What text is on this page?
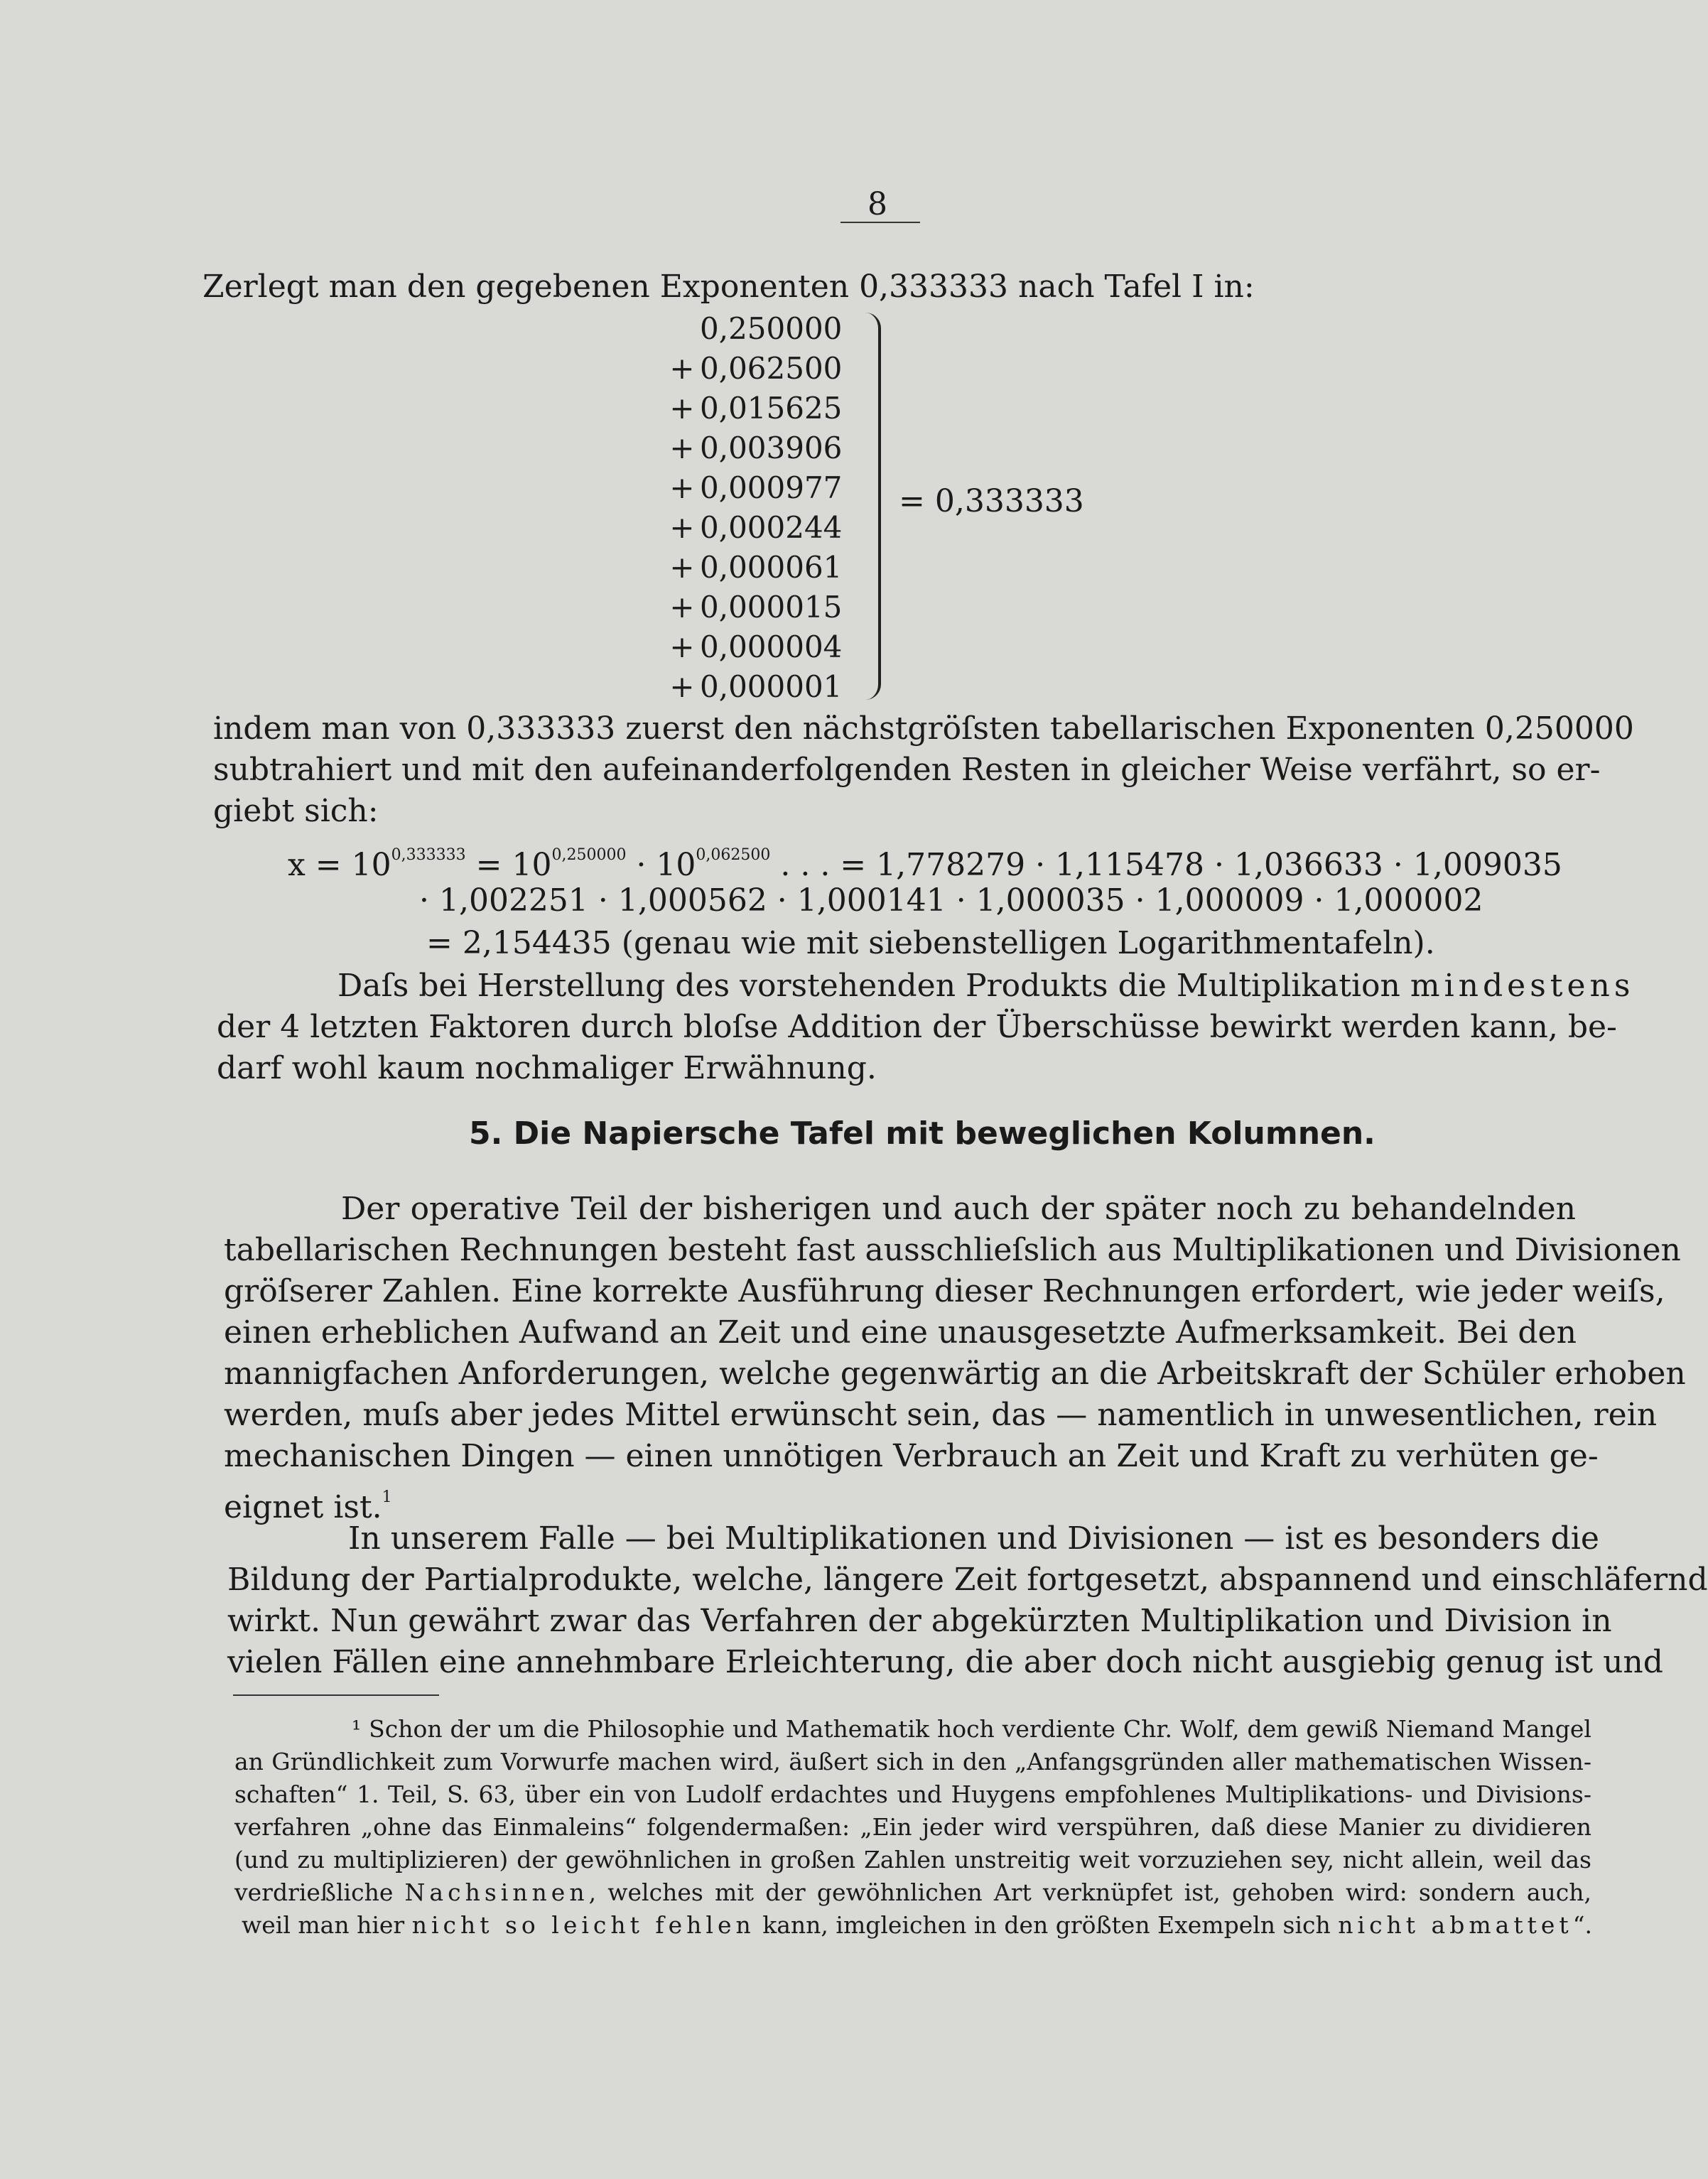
8
Zerlegt man den gegebenen Exponenten 0,333333 nach Tafel I in:
0,250000
+ 0,062500
+ 0,015625
+ 0,003906
+ 0,000977
+ 0,000244
+ 0,000061
+ 0,000015
+ 0,000004
+ 0,000001
= 0,333333
indem man von 0,333333 zuerst den nächstgröſsten tabellarischen Exponenten 0,250000
subtrahiert und mit den aufeinanderfolgenden Resten in gleicher Weise verfährt, so er-
giebt sich:
$x = 10^{0,333333} = 10^{0,250000} \cdot 10^{0,062500}$ . . . = 1,778279 · 1,115478 · 1,036633 · 1,009035
· 1,002251 · 1,000562 · 1,000141 · 1,000035 · 1,000009 · 1,000002
= 2,154435 (genau wie mit siebenstelligen Logarithmentafeln).
Daſs bei Herstellung des vorstehenden Produkts die Multiplikation mindestens
der 4 letzten Faktoren durch bloſse Addition der Überschüsse bewirkt werden kann, be-
darf wohl kaum nochmaliger Erwähnung.
5. Die Napiersche Tafel mit beweglichen Kolumnen.
Der operative Teil der bisherigen und auch der später noch zu behandelnden
tabellarischen Rechnungen besteht fast ausschlieſslich aus Multiplikationen und Divisionen
gröſserer Zahlen. Eine korrekte Ausführung dieser Rechnungen erfordert, wie jeder weiſs,
einen erheblichen Aufwand an Zeit und eine unausgesetzte Aufmerksamkeit. Bei den
mannigfachen Anforderungen, welche gegenwärtig an die Arbeitskraft der Schüler erhoben
werden, muſs aber jedes Mittel erwünscht sein, das — namentlich in unwesentlichen, rein
mechanischen Dingen — einen unnötigen Verbrauch an Zeit und Kraft zu verhüten ge-
eignet ist.$^1$
In unserem Falle — bei Multiplikationen und Divisionen — ist es besonders die
Bildung der Partialprodukte, welche, längere Zeit fortgesetzt, abspannend und einschläfernd
wirkt. Nun gewährt zwar das Verfahren der abgekürzten Multiplikation und Division in
vielen Fällen eine annehmbare Erleichterung, die aber doch nicht ausgiebig genug ist und
¹ Schon der um die Philosophie und Mathematik hoch verdiente Chr. Wolf, dem gewiß Niemand Mangel
an Gründlichkeit zum Vorwurfe machen wird, äußert sich in den „Anfangsgründen aller mathematischen Wissen-
schaften“ 1. Teil, S. 63, über ein von Ludolf erdachtes und Huygens empfohlenes Multiplikations- und Divisions-
verfahren „ohne das Einmaleins“ folgendermaßen: „Ein jeder wird verspühren, daß diese Manier zu dividieren
(und zu multiplizieren) der gewöhnlichen in großen Zahlen unstreitig weit vorzuziehen sey, nicht allein, weil das
verdrießliche Nachsinnen, welches mit der gewöhnlichen Art verknüpfet ist, gehoben wird: sondern auch,
weil man hier nicht so leicht fehlen kann, imgleichen in den größten Exempeln sich nicht abmattet“.
